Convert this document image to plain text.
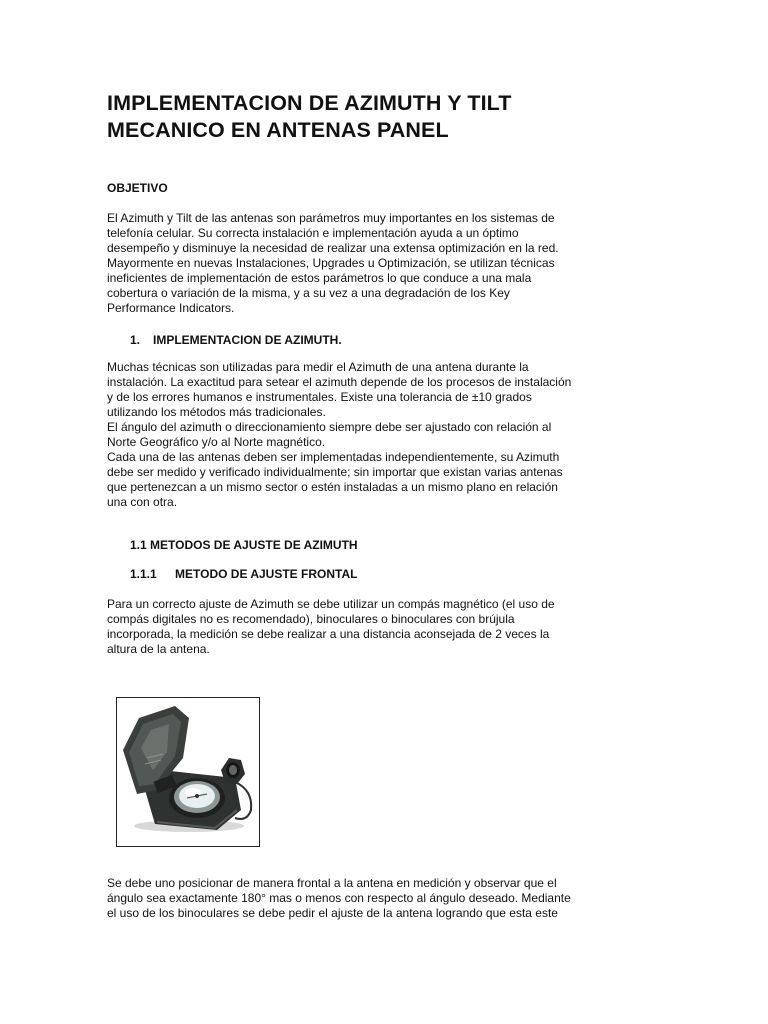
IMPLEMENTACION DE AZIMUTH Y TILT
MECANICO EN ANTENAS PANEL
OBJETIVO

El Azimuth y Tilt de las antenas son parámetros muy importantes en los sistemas de
telefonía celular. Su correcta instalación e implementación ayuda a un óptimo
desempeño y disminuye la necesidad de realizar una extensa optimización en la red.
Mayormente en nuevas Instalaciones, Upgrades u Optimización, se utilizan técnicas
ineficientes de implementación de estos parámetros lo que conduce a una mala
cobertura o variación de la misma, y a su vez a una degradación de los Key
Performance Indicators.

1. IMPLEMENTACION DE AZIMUTH.

Muchas técnicas son utilizadas para medir el Azimuth de una antena durante la
instalación. La exactitud para setear el azimuth depende de los procesos de instalación
y de los errores humanos e instrumentales. Existe una tolerancia de ±10 grados
utilizando los métodos más tradicionales.
El ángulo del azimuth o direccionamiento siempre debe ser ajustado con relación al
Norte Geográfico y/o al Norte magnético.
Cada una de las antenas deben ser implementadas independientemente, su Azimuth
debe ser medido y verificado individualmente; sin importar que existan varias antenas
que pertenezcan a un mismo sector o estén instaladas a un mismo plano en relación
una con otra.

1.1 METODOS DE AJUSTE DE AZIMUTH
1.1.1 METODO DE AJUSTE FRONTAL

Para un correcto ajuste de Azimuth se debe utilizar un compás magnético (el uso de
compás digitales no es recomendado), binoculares o binoculares con brújula
incorporada, la medición se debe realizar a una distancia aconsejada de 2 veces la
altura de la antena.

Se debe uno posicionar de manera frontal a la antena en medición y observar que el
ángulo sea exactamente 180° mas o menos con respecto al ángulo deseado. Mediante
el uso de los binoculares se debe pedir el ajuste de la antena logrando que esta este
